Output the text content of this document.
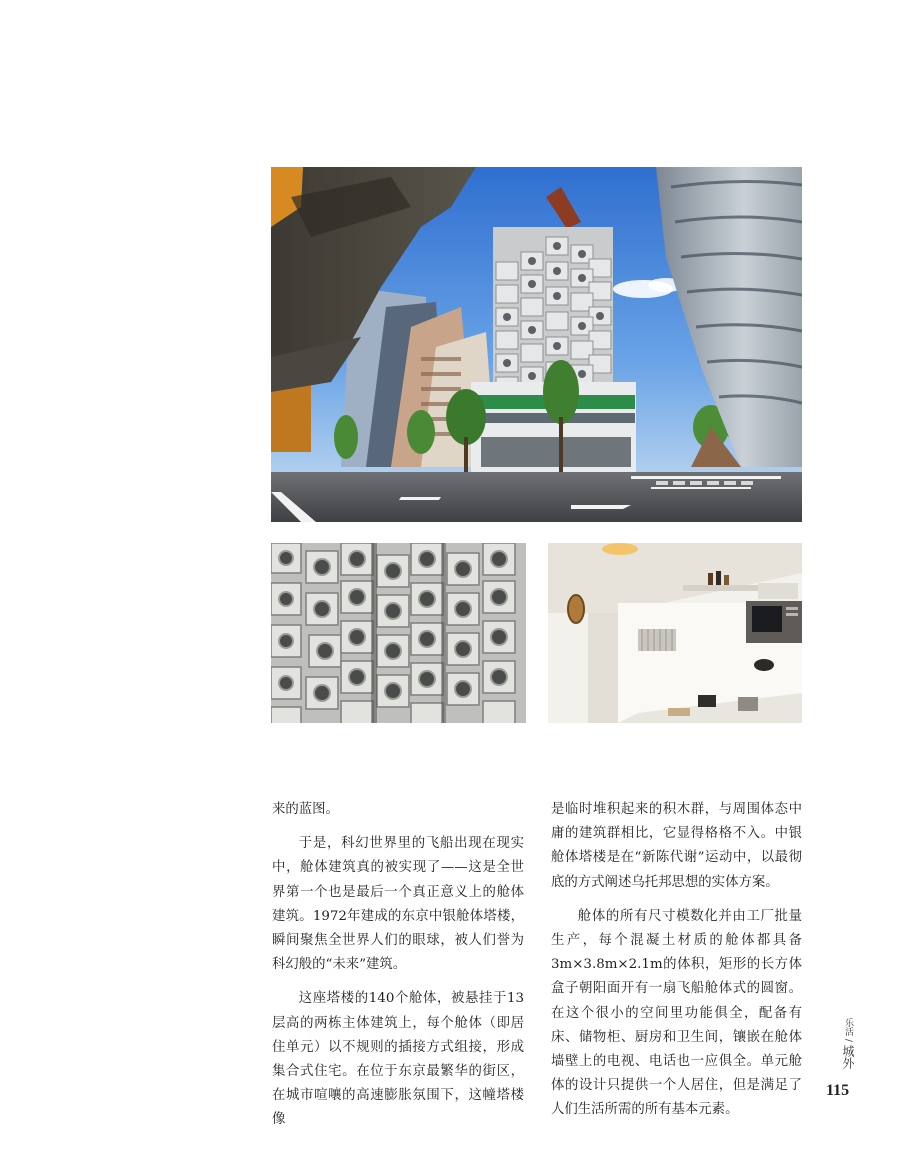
来的蓝图。

于是，科幻世界里的飞船出现在现实中，舱体建筑真的被实现了——这是全世界第一个也是最后一个真正意义上的舱体建筑。1972年建成的东京中银舱体塔楼，瞬间聚焦全世界人们的眼球，被人们誉为科幻般的“未来”建筑。

这座塔楼的140个舱体，被悬挂于13层高的两栋主体建筑上，每个舱体（即居住单元）以不规则的插接方式组接，形成集合式住宅。在位于东京最繁华的街区，在城市喧嚷的高速膨胀氛围下，这幢塔楼像

是临时堆积起来的积木群，与周围体态中庸的建筑群相比，它显得格格不入。中银舱体塔楼是在“新陈代谢”运动中，以最彻底的方式阐述乌托邦思想的实体方案。

舱体的所有尺寸模数化并由工厂批量生产，每个混凝土材质的舱体都具备3m×3.8m×2.1m的体积，矩形的长方体盒子朝阳面开有一扇飞船舱体式的圆窗。在这个很小的空间里功能俱全，配备有床、储物柜、厨房和卫生间，镶嵌在舱体墙壁上的电视、电话也一应俱全。单元舱体的设计只提供一个人居住，但是满足了人们生活所需的所有基本元素。

乐活 / 城外
115
